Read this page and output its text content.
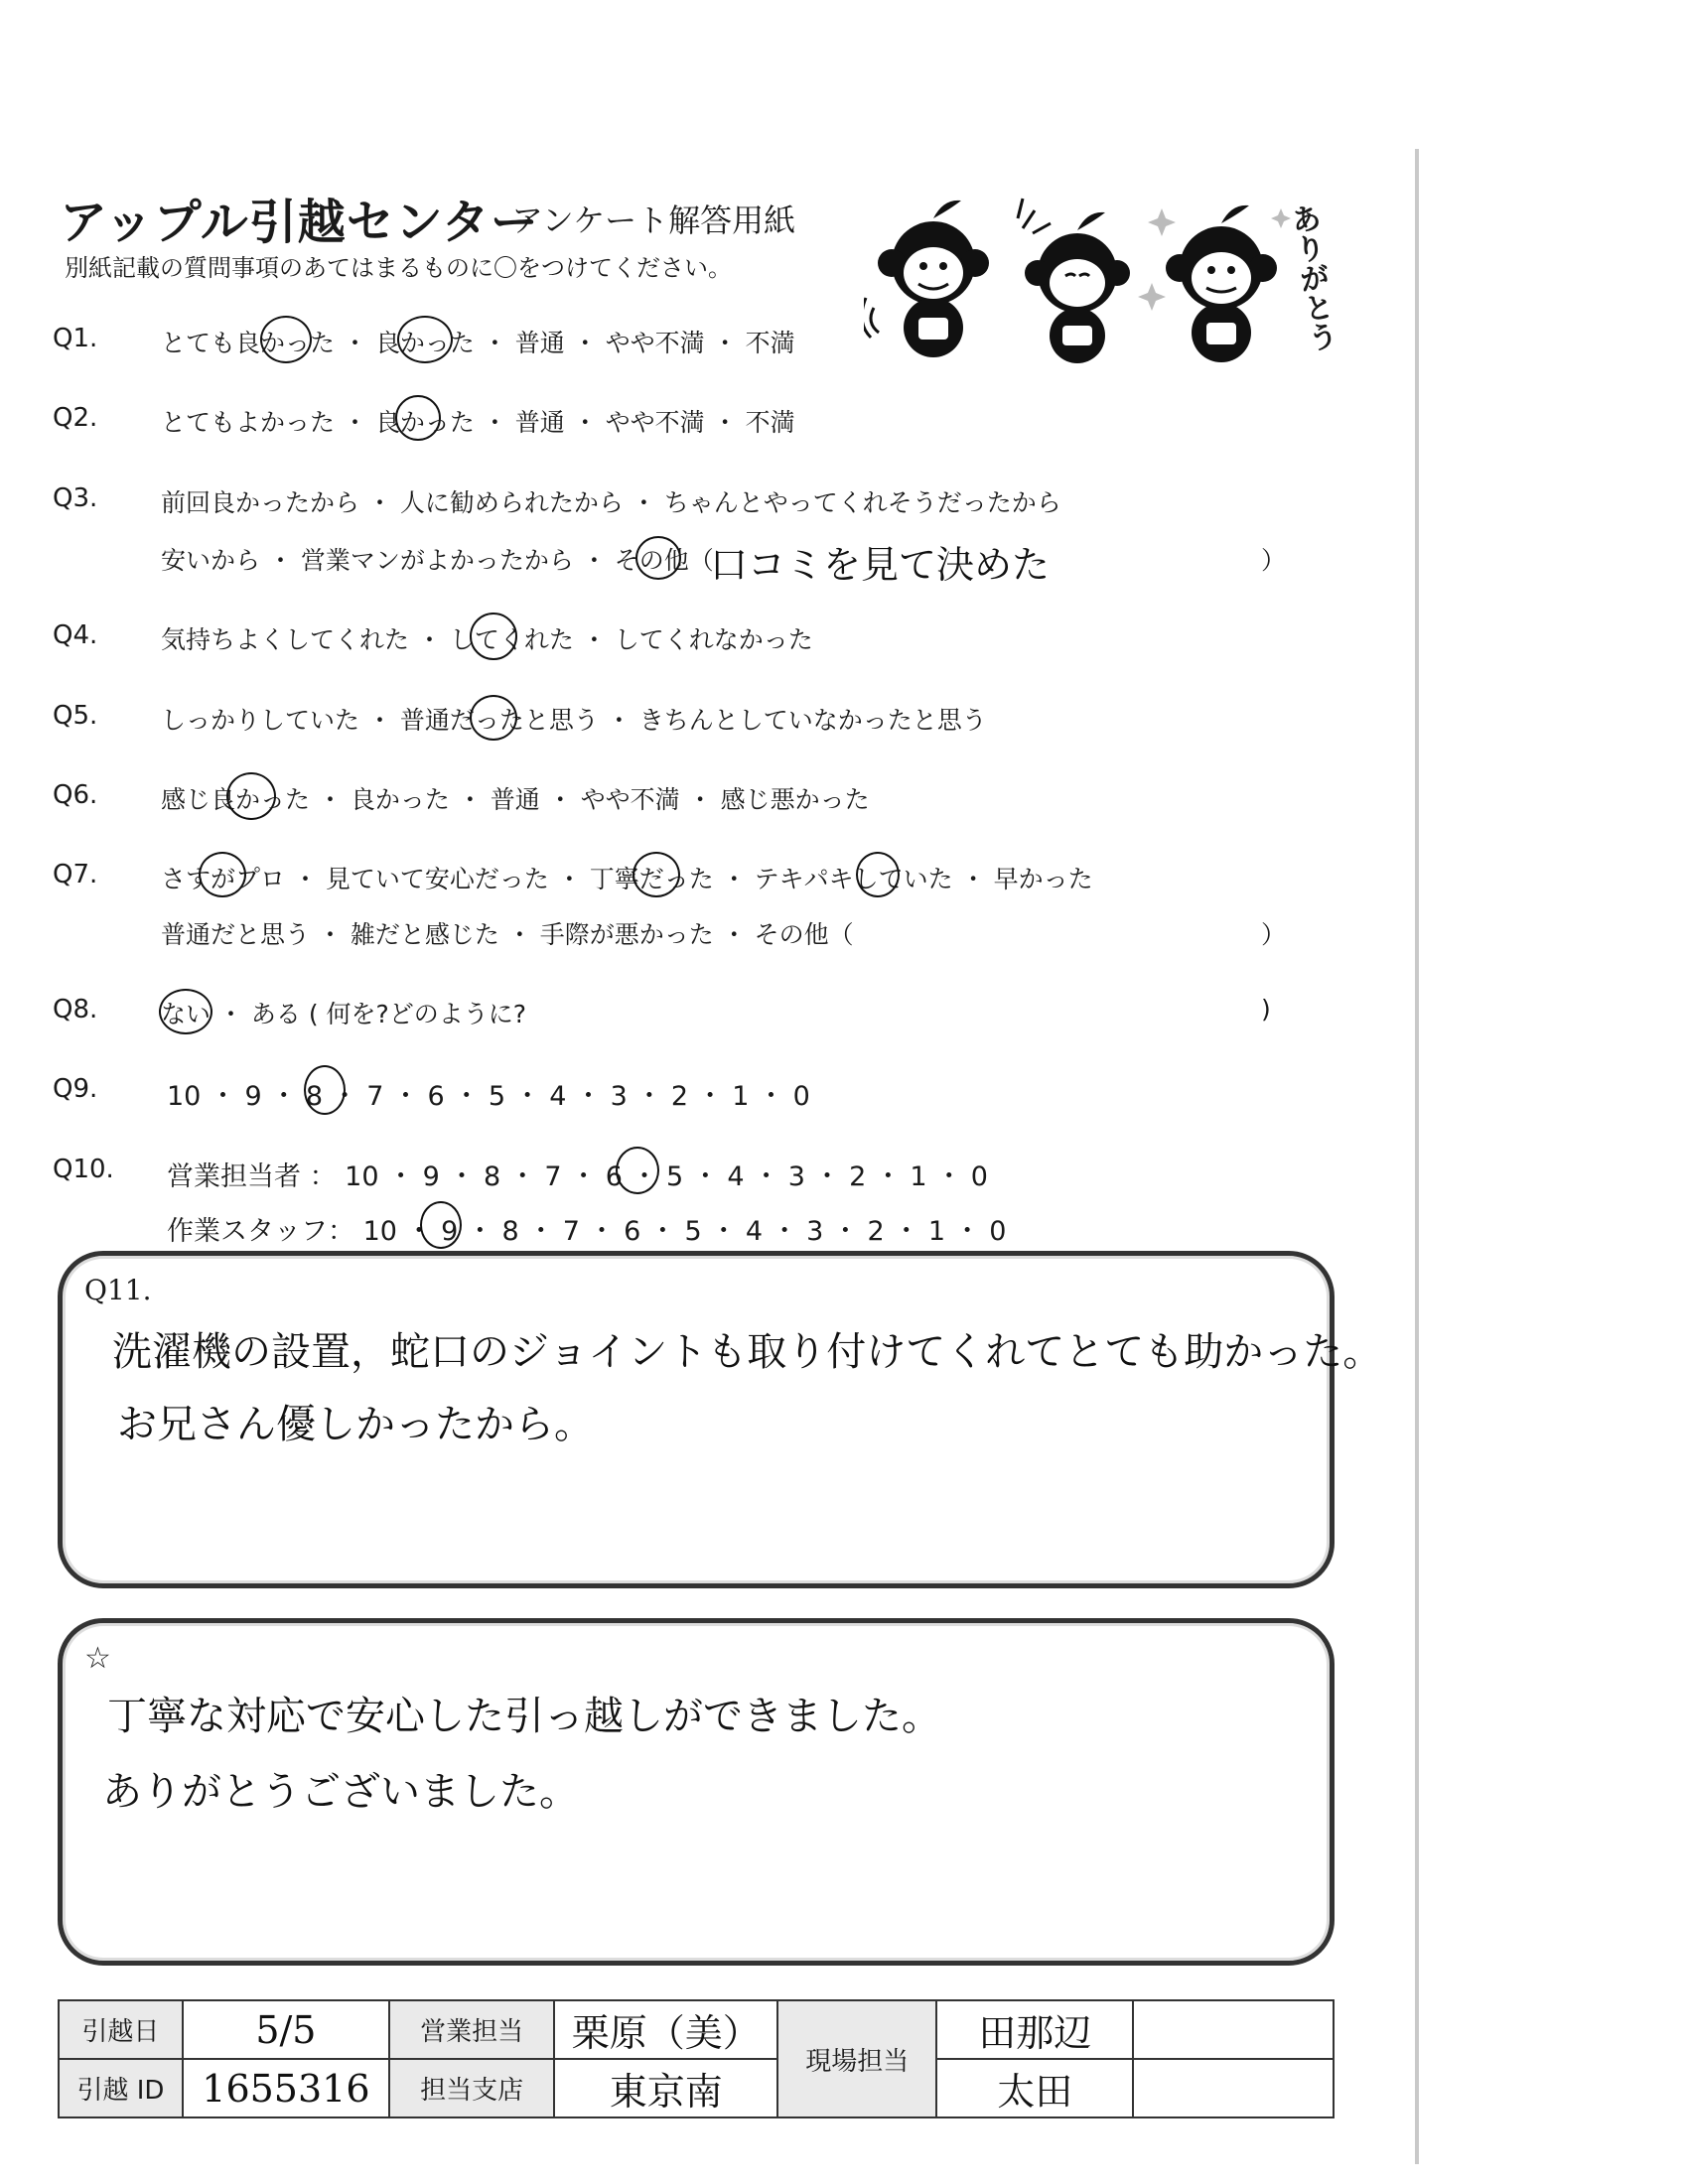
アップル引越センター
アンケート解答用紙
別紙記載の質問事項のあてはまるものに〇をつけてください。	ありがとう
Q1.	とても良かった ・ 良かった ・ 普通 ・ やや不満 ・ 不満
Q2.	とてもよかった ・ 良かった ・ 普通 ・ やや不満 ・ 不満
Q3.	前回良かったから ・ 人に勧められたから ・ ちゃんとやってくれそうだったから
安いから ・ 営業マンがよかったから ・ その他（
口コミを見て決めた	）
Q4.	気持ちよくしてくれた ・ してくれた ・ してくれなかった
Q5.	しっかりしていた ・ 普通だったと思う ・ きちんとしていなかったと思う
Q6.	感じ良かった ・ 良かった ・ 普通 ・ やや不満 ・ 感じ悪かった
Q7.	さすがプロ ・ 見ていて安心だった ・ 丁寧だった ・ テキパキしていた ・ 早かった
普通だと思う ・ 雑だと感じた ・ 手際が悪かった ・ その他（	）
Q8.	ない ・ ある ( 何を?どのように?	)
Q9.	10 ・ 9 ・ 8 ・ 7 ・ 6 ・ 5 ・ 4 ・ 3 ・ 2 ・ 1 ・ 0
Q10. 営業担当者 ： 10 ・ 9 ・ 8 ・ 7 ・ 6 ・ 5 ・ 4 ・ 3 ・ 2 ・ 1 ・ 0
作業スタッフ： 10 ・ 9 ・ 8 ・ 7 ・ 6 ・ 5 ・ 4 ・ 3 ・ 2 ・ 1 ・ 0
Q11.
洗濯機の設置，蛇口のジョイントも取り付けてくれてとても助かった。
お兄さん優しかったから。
☆
丁寧な対応で安心した引っ越しができました。
ありがとうございました。
引越日	5/5	営業担当	栗原（美）	現場担当	田那辺	
引越 ID	1655316	担当支店	東京南		太田	
